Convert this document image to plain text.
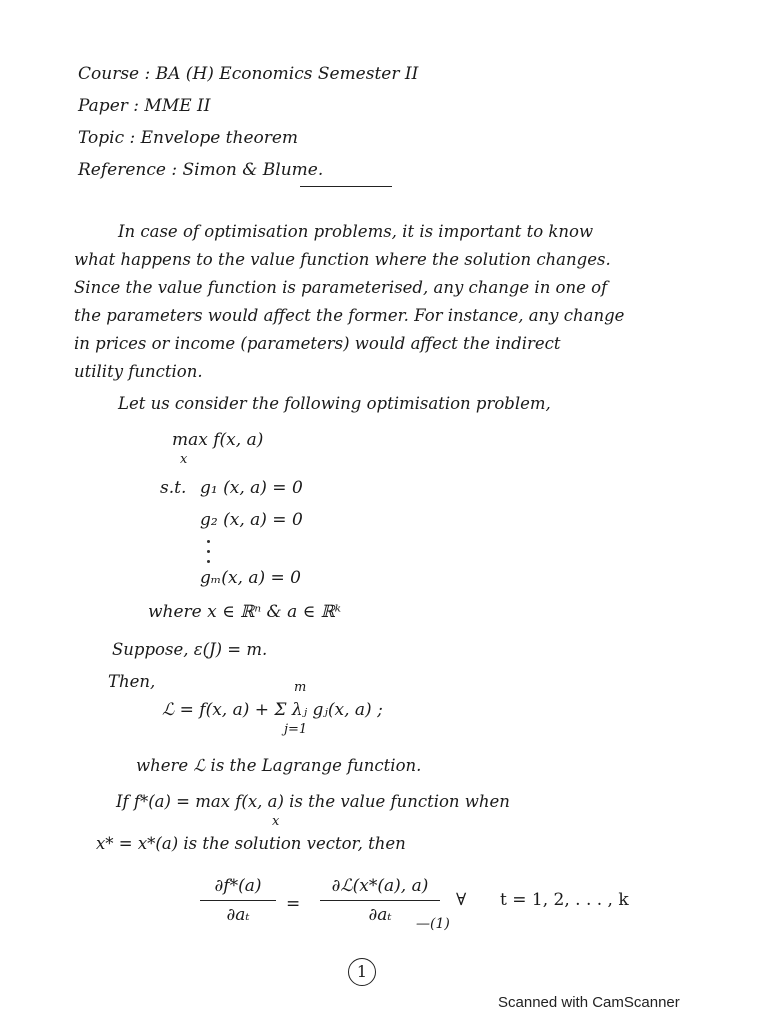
Course : BA (H) Economics Semester II
Paper : MME II
Topic : Envelope theorem
Reference : Simon & Blume.
In case of optimisation problems, it is important to know
what happens to the value function where the solution changes.
Since the value function is parameterised, any change in one of
the parameters would affect the former. For instance, any change
in prices or income (parameters) would affect the indirect
utility function.
Let us consider the following optimisation problem,
max f(x, a)
x
s.t. g₁ (x, a) = 0
g₂ (x, a) = 0
gₘ(x, a) = 0
where x ∈ ℝⁿ & a ∈ ℝᵏ
Suppose, ε(J) = m.
Then,	m
ℒ = f(x, a) + Σ λⱼ gⱼ(x, a) ;
j=1
where ℒ is the Lagrange function.
If f*(a) = max f(x, a) is the value function when
x
x* = x*(a) is the solution vector, then
∂f*(a)
∂aₜ
=
∂ℒ(x*(a), a)
∂aₜ
∀ t = 1, 2, . . . , k
—(1)
1
Scanned with CamScanner
